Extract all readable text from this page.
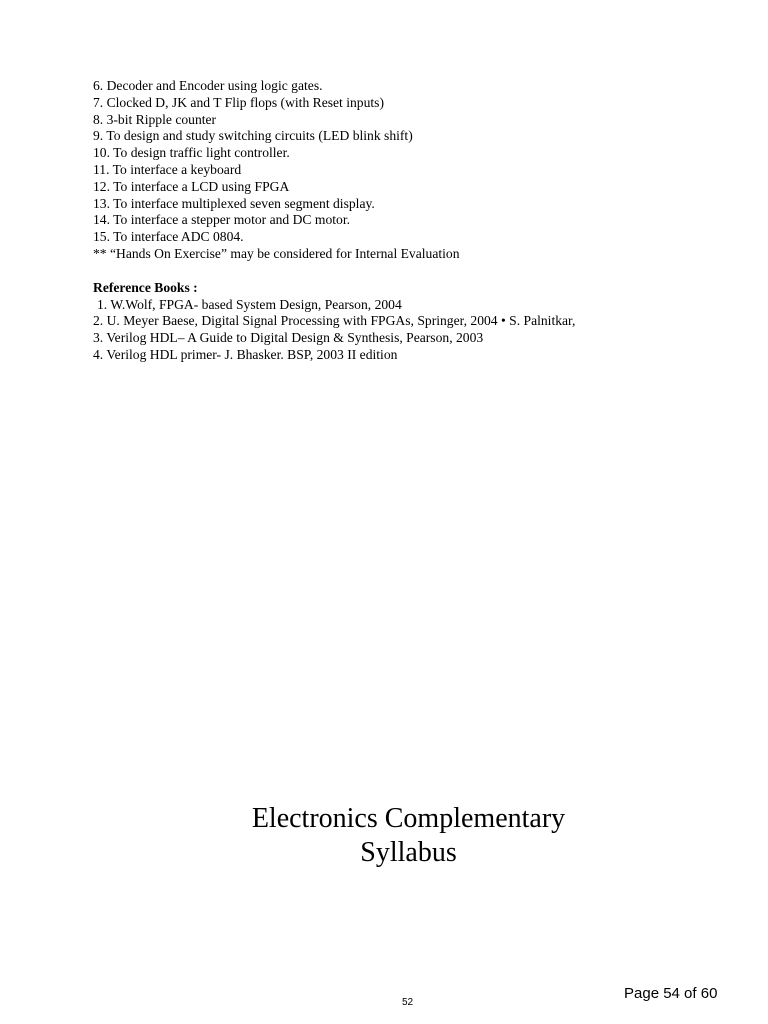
6. Decoder and Encoder using logic gates.

7. Clocked D, JK and T Flip flops (with Reset inputs)

8. 3-bit Ripple counter

9. To design and study switching circuits (LED blink shift)

10. To design traffic light controller.

11. To interface a keyboard

12. To interface a LCD using FPGA

13. To interface multiplexed seven segment display.

14. To interface a stepper motor and DC motor.

15. To interface ADC 0804.

** “Hands On Exercise” may be considered for Internal Evaluation

Reference Books :

1. W.Wolf, FPGA- based System Design, Pearson, 2004

2. U. Meyer Baese, Digital Signal Processing with FPGAs, Springer, 2004 • S. Palnitkar,

3. Verilog HDL– A Guide to Digital Design & Synthesis, Pearson, 2003

4. Verilog HDL primer- J. Bhasker. BSP, 2003 II edition

Electronics Complementary
Syllabus
Page 54 of 60
52
